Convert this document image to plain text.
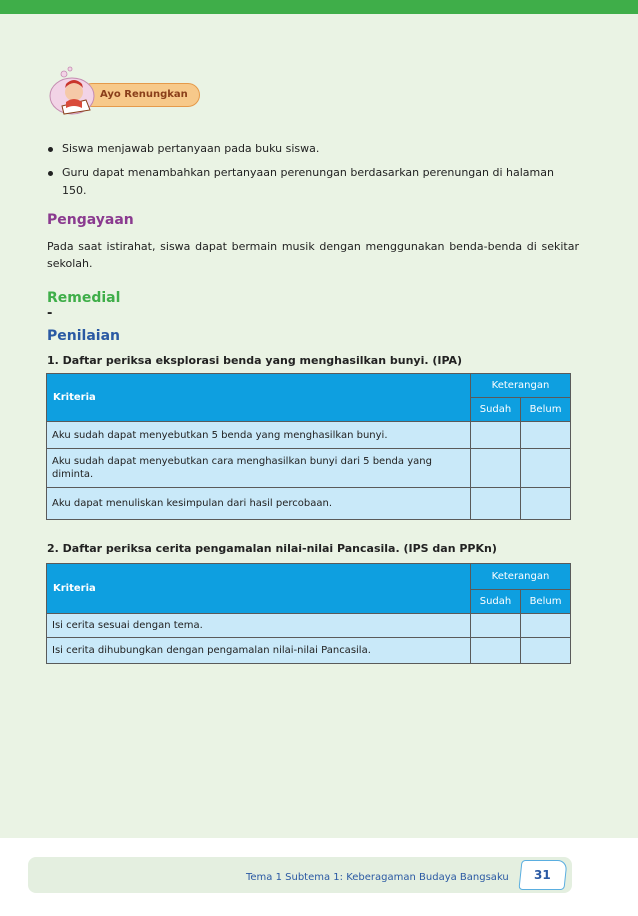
Ayo Renungkan
Siswa menjawab pertanyaan pada buku siswa.
Guru dapat menambahkan pertanyaan perenungan berdasarkan perenungan di halaman 150.
Pengayaan
Pada saat istirahat, siswa dapat bermain musik dengan menggunakan benda-benda di sekitar sekolah.
Remedial
-
Penilaian
1. Daftar periksa eksplorasi benda yang menghasilkan bunyi. (IPA)
Kriteria	Keterangan	
	Sudah	Belum
Aku sudah dapat menyebutkan 5 benda yang menghasilkan bunyi.		
Aku sudah dapat menyebutkan cara menghasilkan bunyi dari 5 benda yang diminta.		
Aku dapat menuliskan kesimpulan dari hasil percobaan.		
2. Daftar periksa cerita pengamalan nilai-nilai Pancasila. (IPS dan PPKn)
Kriteria	Keterangan	
	Sudah	Belum
Isi cerita sesuai dengan tema.		
Isi cerita dihubungkan dengan pengamalan nilai-nilai Pancasila.		
Tema 1 Subtema 1: Keberagaman Budaya Bangsaku 31
